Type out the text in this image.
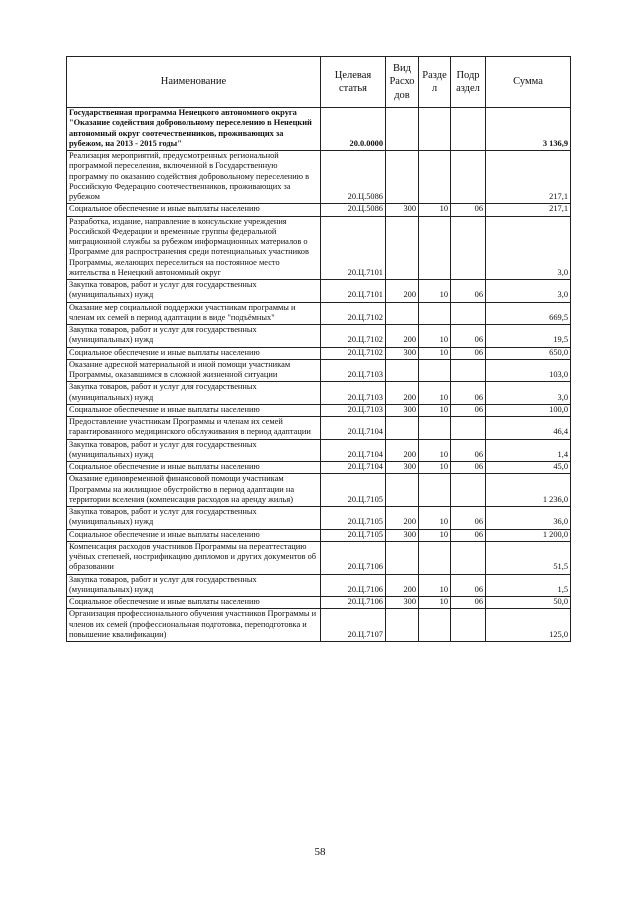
Наименование	Целевая статья	Вид Расхо дов	Разде л	Подр аздел	Сумма
Государственная программа Ненецкого автономного округа "Оказание содействия добровольному переселению в Ненецкий автономный округ соотечественников, проживающих за рубежом, на 2013 - 2015 годы"	20.0.0000				3 136,9
Реализация мероприятий, предусмотренных региональной программой переселения, включенной в Государственную программу по оказанию содействия добровольному переселению в Российскую Федерацию соотечественников, проживающих за рубежом	20.Ц.5086				217,1
Социальное обеспечение и иные выплаты населению	20.Ц.5086	300	10	06	217,1
Разработка, издание, направление в консульские учреждения Российской Федерации и временные группы федеральной миграционной службы за рубежом информационных материалов о Программе для распространения среди потенциальных участников Программы, желающих переселиться на постоянное место жительства в Ненецкий автономный округ	20.Ц.7101				3,0
Закупка товаров, работ и услуг для государственных (муниципальных) нужд	20.Ц.7101	200	10	06	3,0
Оказание мер социальной поддержки участникам программы и членам их семей в период адаптации в виде "подъёмных"	20.Ц.7102				669,5
Закупка товаров, работ и услуг для государственных (муниципальных) нужд	20.Ц.7102	200	10	06	19,5
Социальное обеспечение и иные выплаты населению	20.Ц.7102	300	10	06	650,0
Оказание адресной материальной и иной помощи участникам Программы, оказавшимся в сложной жизненной ситуации	20.Ц.7103				103,0
Закупка товаров, работ и услуг для государственных (муниципальных) нужд	20.Ц.7103	200	10	06	3,0
Социальное обеспечение и иные выплаты населению	20.Ц.7103	300	10	06	100,0
Предоставление участникам Программы и членам их семей гарантированного медицинского обслуживания в период адаптации	20.Ц.7104				46,4
Закупка товаров, работ и услуг для государственных (муниципальных) нужд	20.Ц.7104	200	10	06	1,4
Социальное обеспечение и иные выплаты населению	20.Ц.7104	300	10	06	45,0
Оказание единовременной финансовой помощи участникам Программы на жилищное обустройство в период адаптации на территории вселения (компенсация расходов на аренду жилья)	20.Ц.7105				1 236,0
Закупка товаров, работ и услуг для государственных (муниципальных) нужд	20.Ц.7105	200	10	06	36,0
Социальное обеспечение и иные выплаты населению	20.Ц.7105	300	10	06	1 200,0
Компенсация расходов участников Программы на переаттестацию учёных степеней, нострификацию дипломов и других документов об образовании	20.Ц.7106				51,5
Закупка товаров, работ и услуг для государственных (муниципальных) нужд	20.Ц.7106	200	10	06	1,5
Социальное обеспечение и иные выплаты населению	20.Ц.7106	300	10	06	50,0
Организация профессионального обучения участников Программы и членов их семей (профессиональная подготовка, переподготовка и повышение квалификации)	20.Ц.7107				125,0
58
